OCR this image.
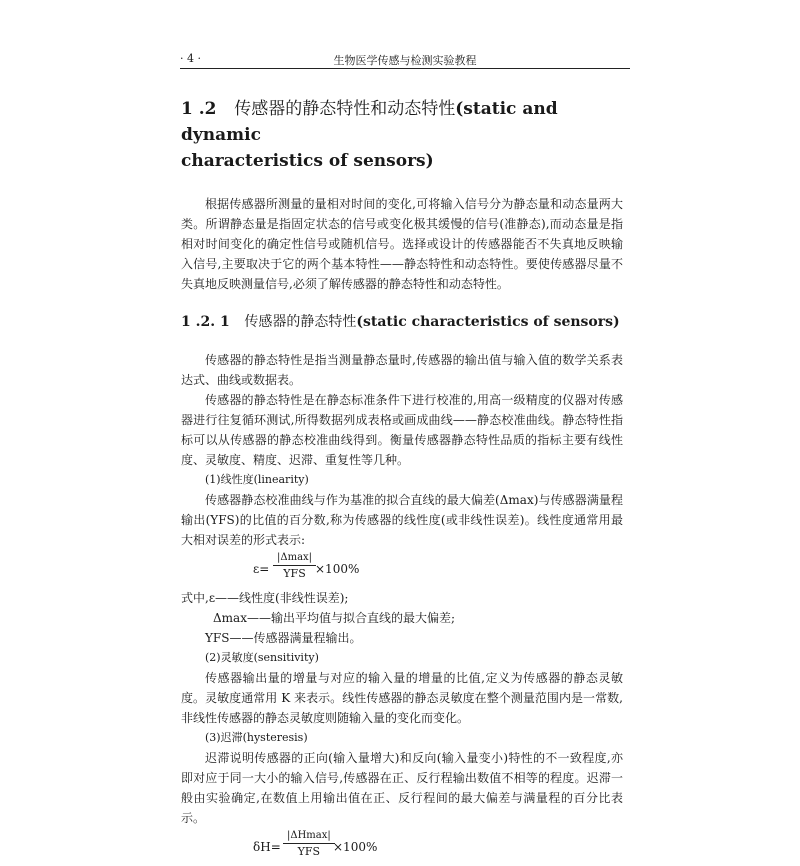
· 4 ·	生物医学传感与检测实验教程
1 .2 传感器的静态特性和动态特性(static and dynamic
characteristics of sensors)

根据传感器所测量的量相对时间的变化,可将输入信号分为静态量和动态量两大类。所谓静态量是指固定状态的信号或变化极其缓慢的信号(准静态),而动态量是指相对时间变化的确定性信号或随机信号。选择或设计的传感器能否不失真地反映输入信号,主要取决于它的两个基本特性——静态特性和动态特性。要使传感器尽量不失真地反映测量信号,必须了解传感器的静态特性和动态特性。

1 .2. 1 传感器的静态特性(static characteristics of sensors)

传感器的静态特性是指当测量静态量时,传感器的输出值与输入值的数学关系表达式、曲线或数据表。

传感器的静态特性是在静态标准条件下进行校准的,用高一级精度的仪器对传感器进行往复循环测试,所得数据列成表格或画成曲线——静态校准曲线。静态特性指标可以从传感器的静态校准曲线得到。衡量传感器静态特性品质的指标主要有线性度、灵敏度、精度、迟滞、重复性等几种。

(1)线性度(linearity)

传感器静态校准曲线与作为基准的拟合直线的最大偏差(Δmax)与传感器满量程输出(YFS)的比值的百分数,称为传感器的线性度(或非线性误差)。线性度通常用最大相对误差的形式表示:

ε=
|Δmax|
YFS ×100%
式中,ε——线性度(非线性误差);
Δmax——输出平均值与拟合直线的最大偏差;
YFS——传感器满量程输出。
(2)灵敏度(sensitivity)

传感器输出量的增量与对应的输入量的增量的比值,定义为传感器的静态灵敏度。灵敏度通常用 K 来表示。线性传感器的静态灵敏度在整个测量范围内是一常数,非线性传感器的静态灵敏度则随输入量的变化而变化。

(3)迟滞(hysteresis)

迟滞说明传感器的正向(输入量增大)和反向(输入量变小)特性的不一致程度,亦即对应于同一大小的输入信号,传感器在正、反行程输出数值不相等的程度。迟滞一般由实验确定,在数值上用输出值在正、反行程间的最大偏差与满量程的百分比表示。

δH=
|ΔHmax|
YFS	×100%
